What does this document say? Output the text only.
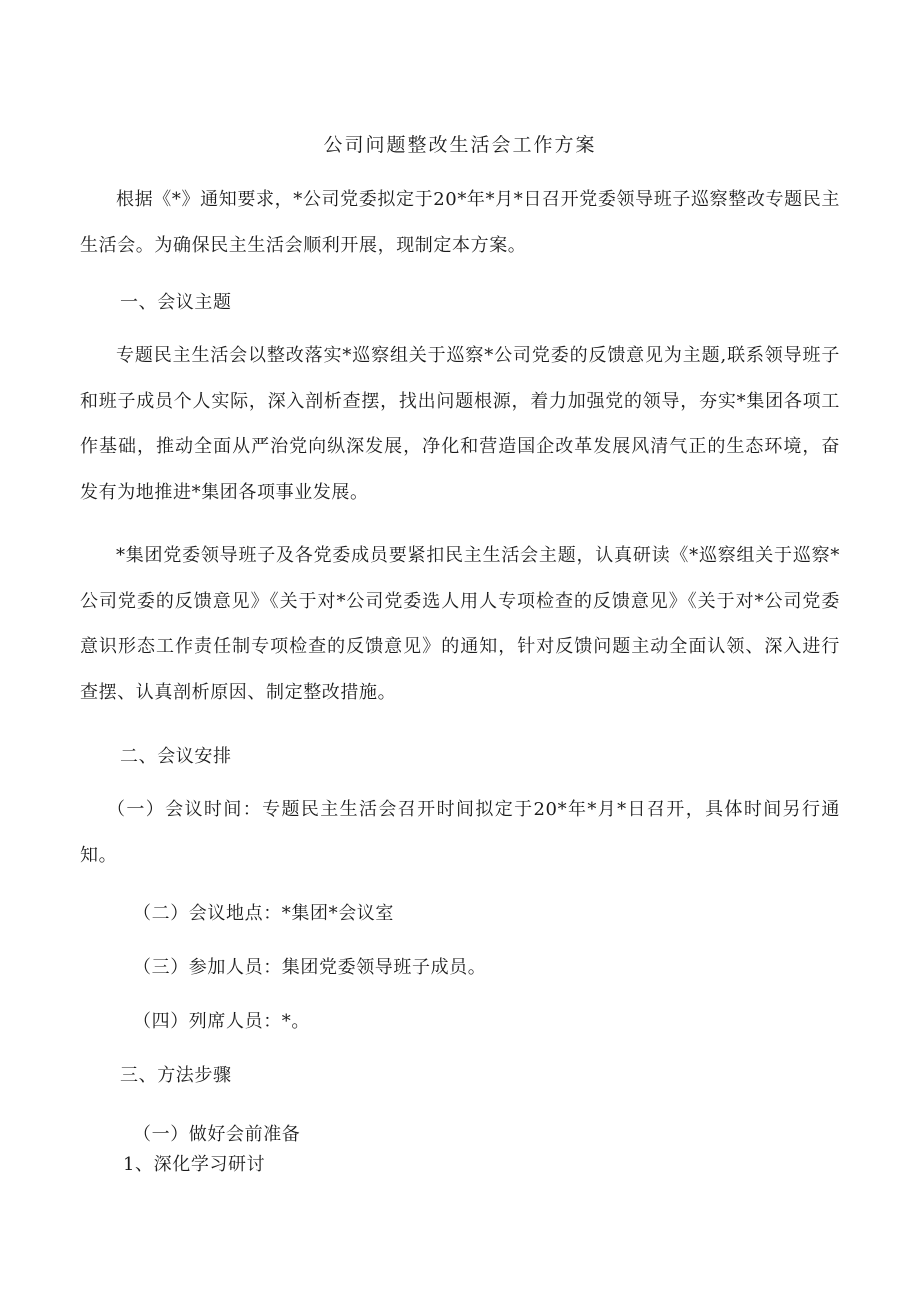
公司问题整改生活会工作方案

根据《*》通知要求，*公司党委拟定于20*年*月*日召开党委领导班子巡察整改专题民主生活会。为确保民主生活会顺利开展，现制定本方案。

一、会议主题

专题民主生活会以整改落实*巡察组关于巡察*公司党委的反馈意见为主题,联系领导班子和班子成员个人实际，深入剖析查摆，找出问题根源，着力加强党的领导，夯实*集团各项工作基础，推动全面从严治党向纵深发展，净化和营造国企改革发展风清气正的生态环境，奋发有为地推进*集团各项事业发展。

*集团党委领导班子及各党委成员要紧扣民主生活会主题，认真研读《*巡察组关于巡察*公司党委的反馈意见》《关于对*公司党委选人用人专项检查的反馈意见》《关于对*公司党委意识形态工作责任制专项检查的反馈意见》的通知，针对反馈问题主动全面认领、深入进行查摆、认真剖析原因、制定整改措施。

二、会议安排

（一）会议时间：专题民主生活会召开时间拟定于20*年*月*日召开，具体时间另行通知。

（二）会议地点：*集团*会议室

（三）参加人员：集团党委领导班子成员。

（四）列席人员：*。

三、方法步骤

（一）做好会前准备

1、深化学习研讨
